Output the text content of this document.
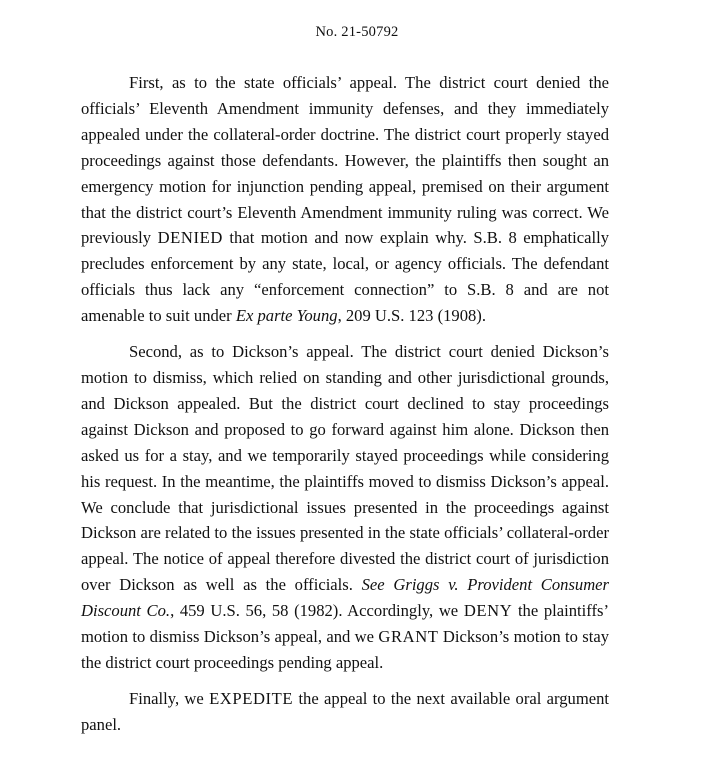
No. 21-50792

First, as to the state officials’ appeal. The district court denied the officials’ Eleventh Amendment immunity defenses, and they immediately appealed under the collateral-order doctrine. The district court properly stayed proceedings against those defendants. However, the plaintiffs then sought an emergency motion for injunction pending appeal, premised on their argument that the district court’s Eleventh Amendment immunity ruling was correct. We previously DENIED that motion and now explain why. S.B. 8 emphatically precludes enforcement by any state, local, or agency officials. The defendant officials thus lack any “enforcement connection” to S.B. 8 and are not amenable to suit under Ex parte Young, 209 U.S. 123 (1908).

Second, as to Dickson’s appeal. The district court denied Dickson’s motion to dismiss, which relied on standing and other jurisdictional grounds, and Dickson appealed. But the district court declined to stay proceedings against Dickson and proposed to go forward against him alone. Dickson then asked us for a stay, and we temporarily stayed proceedings while considering his request. In the meantime, the plaintiffs moved to dismiss Dickson’s appeal. We conclude that jurisdictional issues presented in the proceedings against Dickson are related to the issues presented in the state officials’ collateral-order appeal. The notice of appeal therefore divested the district court of jurisdiction over Dickson as well as the officials. See Griggs v. Provident Consumer Discount Co., 459 U.S. 56, 58 (1982). Accordingly, we DENY the plaintiffs’ motion to dismiss Dickson’s appeal, and we GRANT Dickson’s motion to stay the district court proceedings pending appeal.

Finally, we EXPEDITE the appeal to the next available oral argument panel.
